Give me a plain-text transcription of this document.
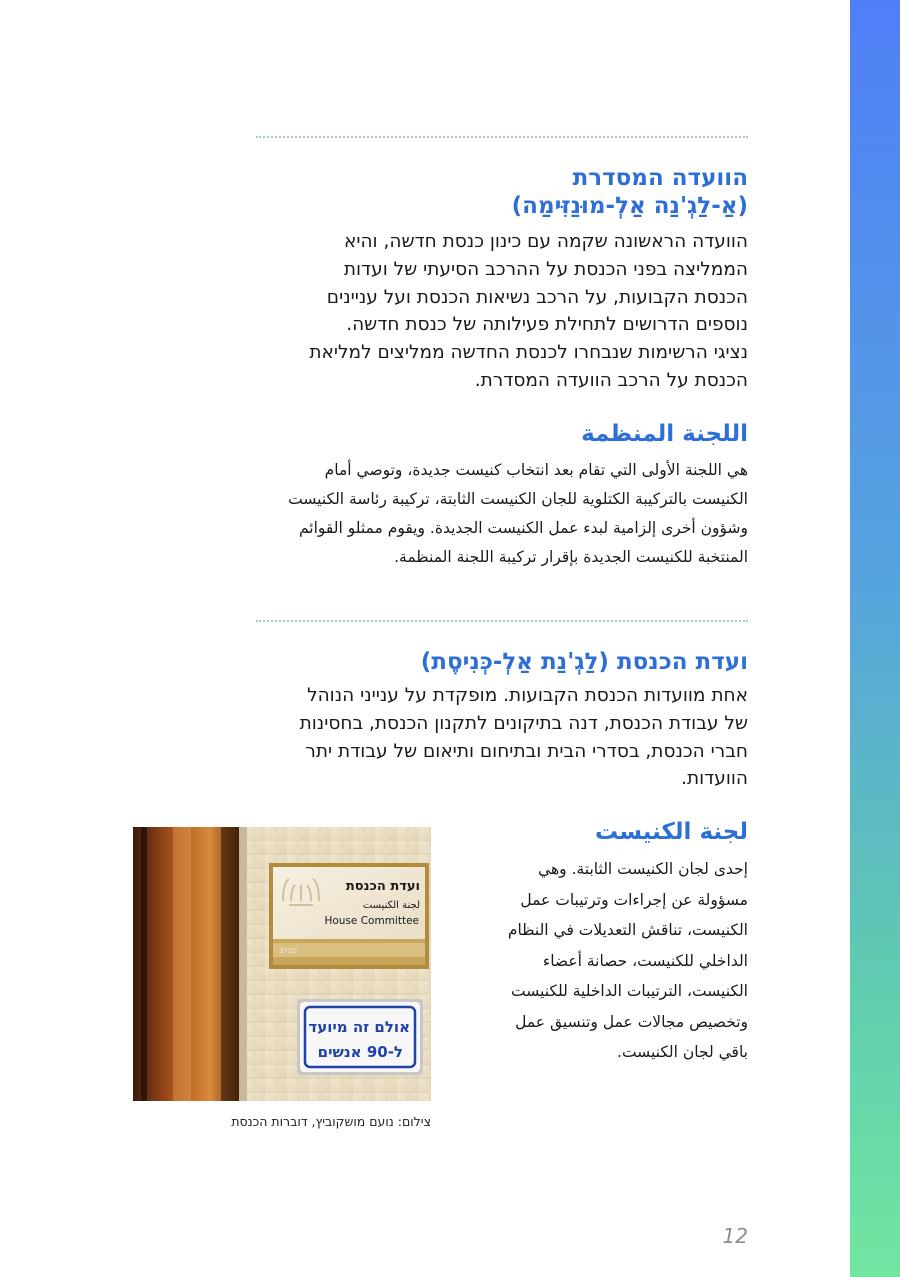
הוועדה המסדרת
(אַ-לַגְ'נַה אַלְ-מוּנַזִּימַה)

הוועדה הראשונה שקמה עם כינון כנסת חדשה, והיא
הממליצה בפני הכנסת על ההרכב הסיעתי של ועדות
הכנסת הקבועות, על הרכב נשיאות הכנסת ועל עניינים
נוספים הדרושים לתחילת פעילותה של כנסת חדשה.
נציגי הרשימות שנבחרו לכנסת החדשה ממליצים למליאת
הכנסת על הרכב הוועדה המסדרת.

اللجنة المنظمة

هي اللجنة الأولى التي تقام بعد انتخاب كنيست جديدة، وتوصي أمام
الكنيست بالتركيبة الكتلوية للجان الكنيست الثابتة، تركيبة رئاسة الكنيست
وشؤون أخرى إلزامية لبدء عمل الكنيست الجديدة. ويقوم ممثلو القوائم
المنتخبة للكنيست الجديدة بإقرار تركيبة اللجنة المنظمة.

ועדת הכנסת (לַגְ'נַת אַלְ-כְּנִיסֶת)

אחת מוועדות הכנסת הקבועות. מופקדת על ענייני הנוהל
של עבודת הכנסת, דנה בתיקונים לתקנון הכנסת, בחסינות
חברי הכנסת, בסדרי הבית ובתיחום ותיאום של עבודת יתר
הוועדות.

لجنة الكنيست

إحدى لجان الكنيست الثابتة. وهي
مسؤولة عن إجراءات وترتيبات عمل
الكنيست، تناقش التعديلات في النظام
الداخلي للكنيست، حصانة أعضاء
الكنيست، الترتيبات الداخلية للكنيست
وتخصيص مجالات عمل وتنسيق عمل
باقي لجان الكنيست.

ועדת הכנסת
لجنة الكنيست
House Committee
3720
אולם זה מיועד
ל-90 אנשים
צילום: נועם מושקוביץ, דוברות הכנסת
12
